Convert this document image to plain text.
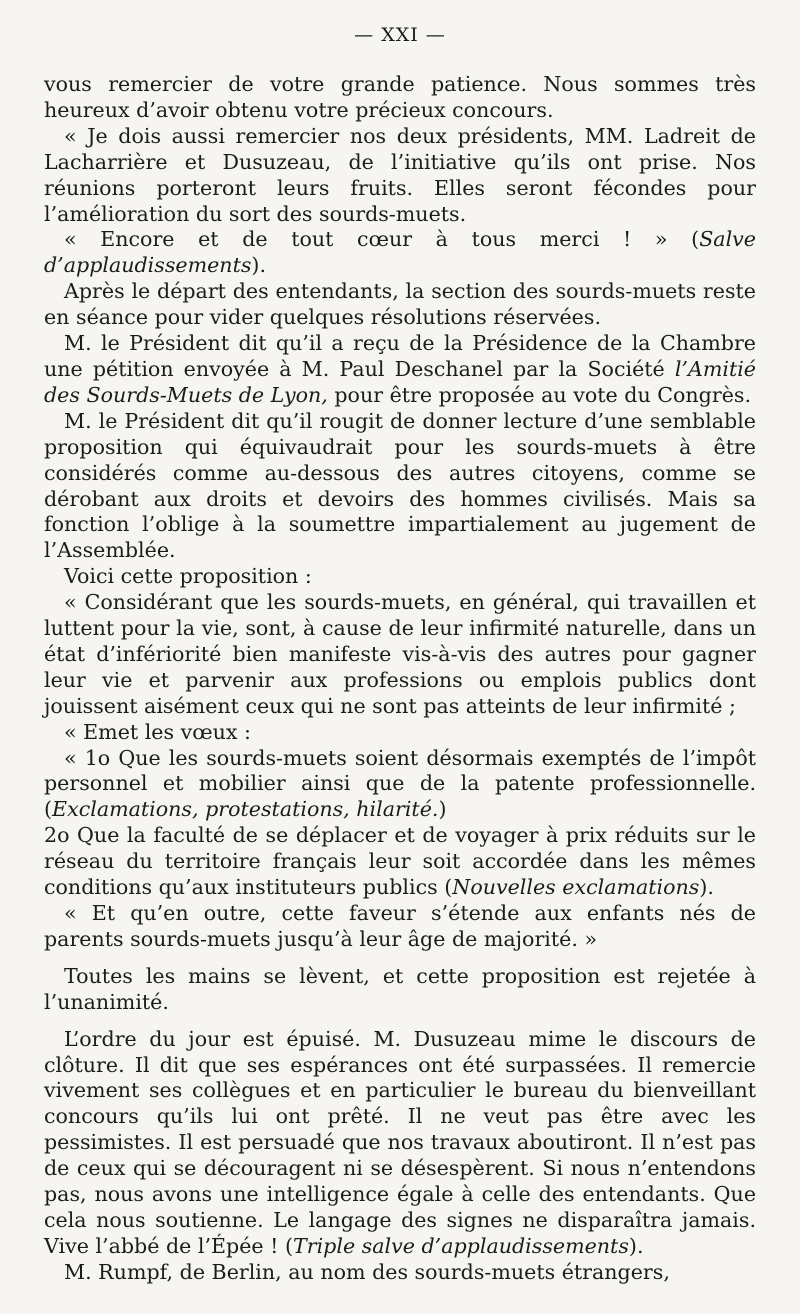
— XXI —

vous remercier de votre grande patience. Nous sommes très heureux d’avoir obtenu votre précieux concours.

« Je dois aussi remercier nos deux présidents, MM. Ladreit de Lacharrière et Dusuzeau, de l’initiative qu’ils ont prise. Nos réunions porteront leurs fruits. Elles seront fécondes pour l’amélioration du sort des sourds-muets.

« Encore et de tout cœur à tous merci ! » (Salve d’applaudissements).

Après le départ des entendants, la section des sourds-muets reste en séance pour vider quelques résolutions réservées.

M. le Président dit qu’il a reçu de la Présidence de la Chambre une pétition envoyée à M. Paul Deschanel par la Société l’Amitié des Sourds-Muets de Lyon, pour être proposée au vote du Congrès.

M. le Président dit qu’il rougit de donner lecture d’une semblable proposition qui équivaudrait pour les sourds-muets à être considérés comme au-dessous des autres citoyens, comme se dérobant aux droits et devoirs des hommes civilisés. Mais sa fonction l’oblige à la soumettre impartialement au jugement de l’Assemblée.

Voici cette proposition :

« Considérant que les sourds-muets, en général, qui travaillen et luttent pour la vie, sont, à cause de leur infirmité naturelle, dans un état d’infériorité bien manifeste vis-à-vis des autres pour gagner leur vie et parvenir aux professions ou emplois publics dont jouissent aisément ceux qui ne sont pas atteints de leur infirmité ;

« Emet les vœux :

« 1o Que les sourds-muets soient désormais exemptés de l’impôt personnel et mobilier ainsi que de la patente professionnelle. (Exclamations, protestations, hilarité.)

2o Que la faculté de se déplacer et de voyager à prix réduits sur le réseau du territoire français leur soit accordée dans les mêmes conditions qu’aux instituteurs publics (Nouvelles exclamations).

« Et qu’en outre, cette faveur s’étende aux enfants nés de parents sourds-muets jusqu’à leur âge de majorité. »

Toutes les mains se lèvent, et cette proposition est rejetée à l’unanimité.

L’ordre du jour est épuisé. M. Dusuzeau mime le discours de clôture. Il dit que ses espérances ont été surpassées. Il remercie vivement ses collègues et en particulier le bureau du bienveillant concours qu’ils lui ont prêté. Il ne veut pas être avec les pessimistes. Il est persuadé que nos travaux aboutiront. Il n’est pas de ceux qui se découragent ni se désespèrent. Si nous n’entendons pas, nous avons une intelligence égale à celle des entendants. Que cela nous soutienne. Le langage des signes ne disparaîtra jamais. Vive l’abbé de l’Épée ! (Triple salve d’applaudissements).

M. Rumpf, de Berlin, au nom des sourds-muets étrangers,
